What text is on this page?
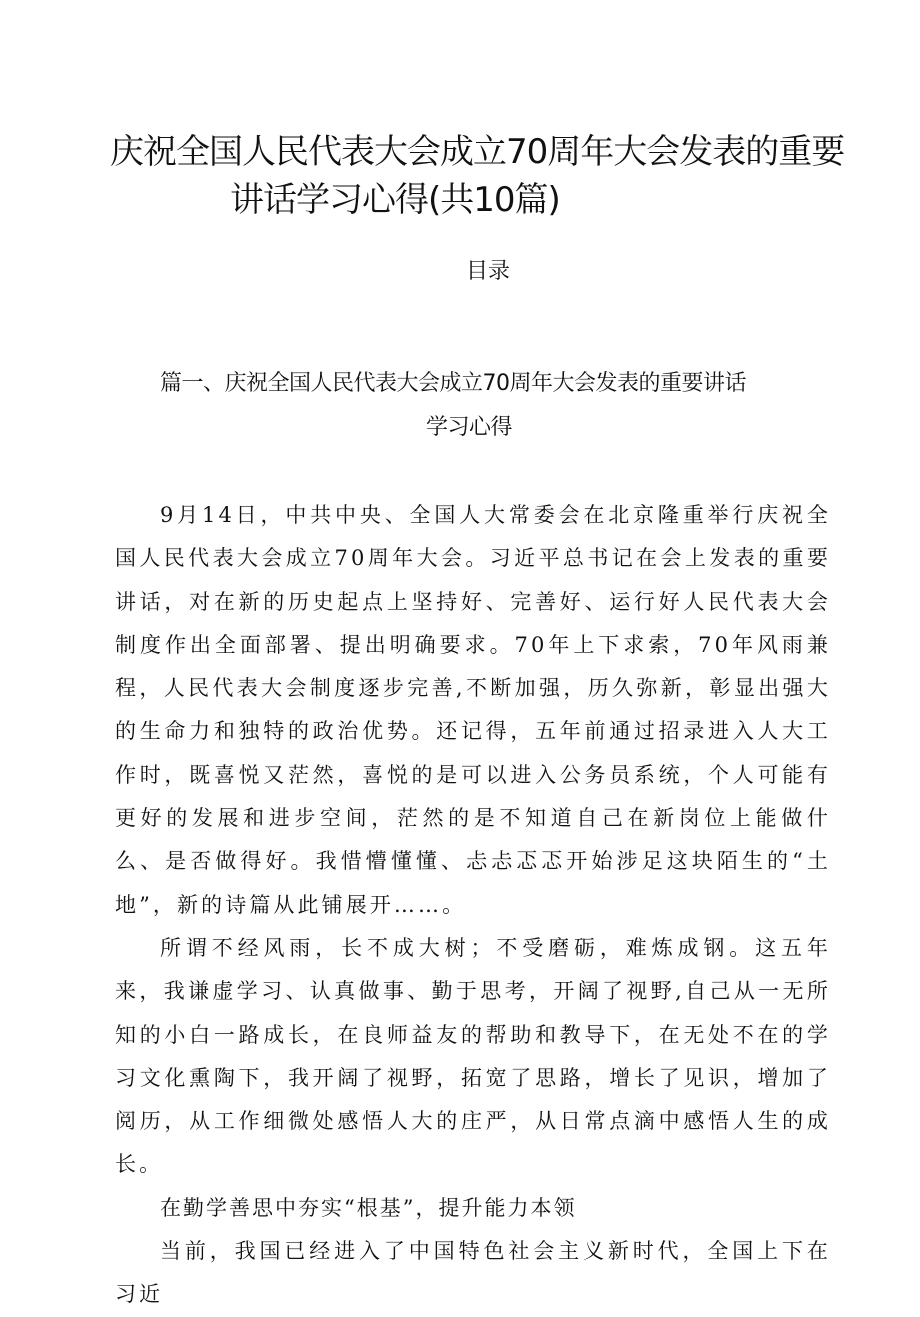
庆祝全国人民代表大会成立70周年大会发表的重要
讲话学习心得(共10篇)
目录
篇一、庆祝全国人民代表大会成立70周年大会发表的重要讲话
学习心得

9月14日，中共中央、全国人大常委会在北京隆重举行庆祝全国人民代表大会成立70周年大会。习近平总书记在会上发表的重要讲话，对在新的历史起点上坚持好、完善好、运行好人民代表大会制度作出全面部署、提出明确要求。70年上下求索，70年风雨兼程，人民代表大会制度逐步完善,不断加强，历久弥新，彰显出强大的生命力和独特的政治优势。还记得，五年前通过招录进入人大工作时，既喜悦又茫然，喜悦的是可以进入公务员系统，个人可能有更好的发展和进步空间，茫然的是不知道自己在新岗位上能做什么、是否做得好。我惜懵懂懂、忐忐忑忑开始涉足这块陌生的“土地”，新的诗篇从此铺展开……。

所谓不经风雨，长不成大树；不受磨砺，难炼成钢。这五年来，我谦虚学习、认真做事、勤于思考，开阔了视野,自己从一无所知的小白一路成长，在良师益友的帮助和教导下，在无处不在的学习文化熏陶下，我开阔了视野，拓宽了思路，增长了见识，增加了阅历，从工作细微处感悟人大的庄严，从日常点滴中感悟人生的成长。

在勤学善思中夯实“根基”，提升能力本领

当前，我国已经进入了中国特色社会主义新时代，全国上下在习近
